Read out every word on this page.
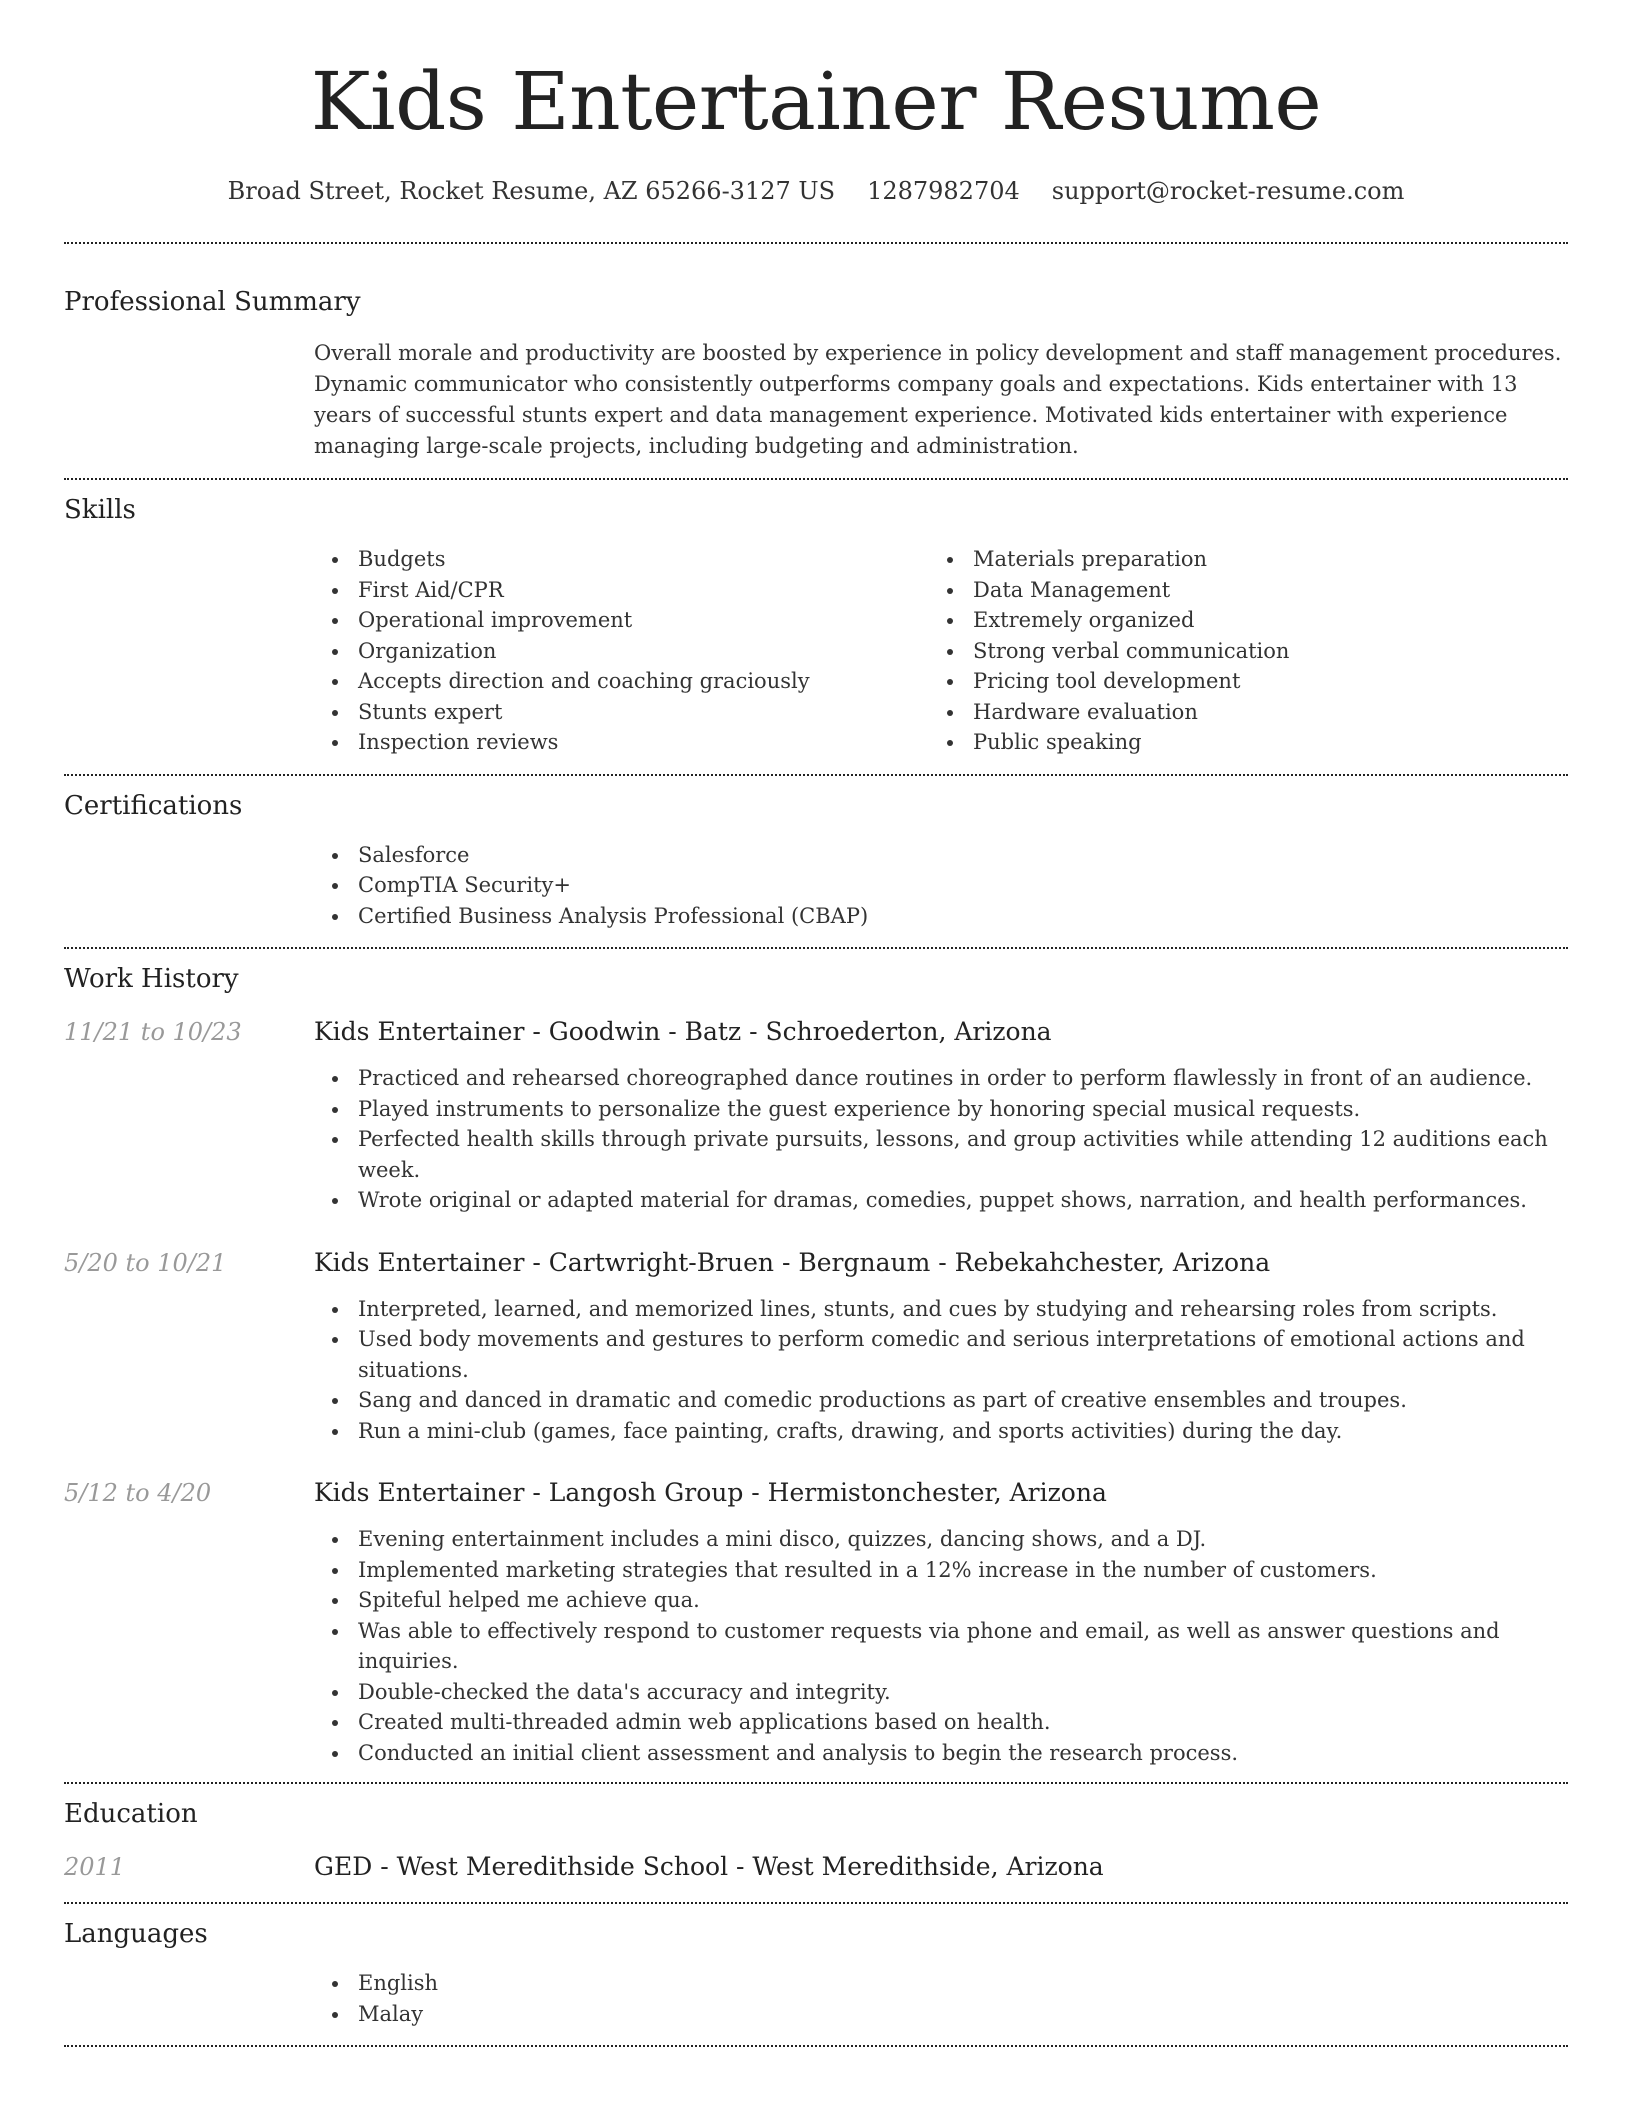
Kids Entertainer Resume
Broad Street, Rocket Resume, AZ 65266-3127 US 1287982704 support@rocket-resume.com
Professional Summary
Overall morale and productivity are boosted by experience in policy development and staff management procedures. Dynamic communicator who consistently outperforms company goals and expectations. Kids entertainer with 13 years of successful stunts expert and data management experience. Motivated kids entertainer with experience managing large-scale projects, including budgeting and administration.
Skills
Budgets
First Aid/CPR
Operational improvement
Organization
Accepts direction and coaching graciously
Stunts expert
Inspection reviews
Materials preparation
Data Management
Extremely organized
Strong verbal communication
Pricing tool development
Hardware evaluation
Public speaking
Certifications
Salesforce
CompTIA Security+
Certified Business Analysis Professional (CBAP)
Work History
11/21 to 10/23	Kids Entertainer - Goodwin - Batz - Schroederton, Arizona
Practiced and rehearsed choreographed dance routines in order to perform flawlessly in front of an audience.
Played instruments to personalize the guest experience by honoring special musical requests.
Perfected health skills through private pursuits, lessons, and group activities while attending 12 auditions each week.
Wrote original or adapted material for dramas, comedies, puppet shows, narration, and health performances.
5/20 to 10/21	Kids Entertainer - Cartwright-Bruen - Bergnaum - Rebekahchester, Arizona
Interpreted, learned, and memorized lines, stunts, and cues by studying and rehearsing roles from scripts.
Used body movements and gestures to perform comedic and serious interpretations of emotional actions and situations.
Sang and danced in dramatic and comedic productions as part of creative ensembles and troupes.
Run a mini-club (games, face painting, crafts, drawing, and sports activities) during the day.
5/12 to 4/20	Kids Entertainer - Langosh Group - Hermistonchester, Arizona
Evening entertainment includes a mini disco, quizzes, dancing shows, and a DJ.
Implemented marketing strategies that resulted in a 12% increase in the number of customers.
Spiteful helped me achieve qua.
Was able to effectively respond to customer requests via phone and email, as well as answer questions and inquiries.
Double-checked the data's accuracy and integrity.
Created multi-threaded admin web applications based on health.
Conducted an initial client assessment and analysis to begin the research process.
Education
2011	GED - West Meredithside School - West Meredithside, Arizona
Languages
English
Malay
